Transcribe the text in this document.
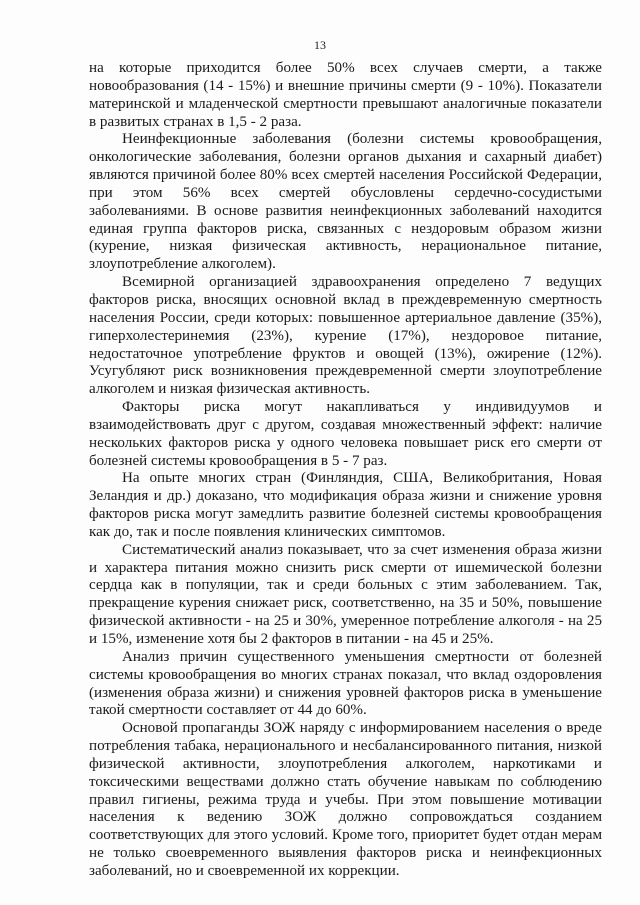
13

на которые приходится более 50% всех случаев смерти, а также новообразования (14 - 15%) и внешние причины смерти (9 - 10%). Показатели материнской и младенческой смертности превышают аналогичные показатели в развитых странах в 1,5 - 2 раза.

Неинфекционные заболевания (болезни системы кровообращения, онкологические заболевания, болезни органов дыхания и сахарный диабет) являются причиной более 80% всех смертей населения Российской Федерации, при этом 56% всех смертей обусловлены сердечно-сосудистыми заболеваниями. В основе развития неинфекционных заболеваний находится единая группа факторов риска, связанных с нездоровым образом жизни (курение, низкая физическая активность, нерациональное питание, злоупотребление алкоголем).

Всемирной организацией здравоохранения определено 7 ведущих факторов риска, вносящих основной вклад в преждевременную смертность населения России, среди которых: повышенное артериальное давление (35%), гиперхолестеринемия (23%), курение (17%), нездоровое питание, недостаточное употребление фруктов и овощей (13%), ожирение (12%). Усугубляют риск возникновения преждевременной смерти злоупотребление алкоголем и низкая физическая активность.

Факторы риска могут накапливаться у индивидуумов и взаимодействовать друг с другом, создавая множественный эффект: наличие нескольких факторов риска у одного человека повышает риск его смерти от болезней системы кровообращения в 5 - 7 раз.

На опыте многих стран (Финляндия, США, Великобритания, Новая Зеландия и др.) доказано, что модификация образа жизни и снижение уровня факторов риска могут замедлить развитие болезней системы кровообращения как до, так и после появления клинических симптомов.

Систематический анализ показывает, что за счет изменения образа жизни и характера питания можно снизить риск смерти от ишемической болезни сердца как в популяции, так и среди больных с этим заболеванием. Так, прекращение курения снижает риск, соответственно, на 35 и 50%, повышение физической активности - на 25 и 30%, умеренное потребление алкоголя - на 25 и 15%, изменение хотя бы 2 факторов в питании - на 45 и 25%.

Анализ причин существенного уменьшения смертности от болезней системы кровообращения во многих странах показал, что вклад оздоровления (изменения образа жизни) и снижения уровней факторов риска в уменьшение такой смертности составляет от 44 до 60%.

Основой пропаганды ЗОЖ наряду с информированием населения о вреде потребления табака, нерационального и несбалансированного питания, низкой физической активности, злоупотребления алкоголем, наркотиками и токсическими веществами должно стать обучение навыкам по соблюдению правил гигиены, режима труда и учебы. При этом повышение мотивации населения к ведению ЗОЖ должно сопровождаться созданием соответствующих для этого условий. Кроме того, приоритет будет отдан мерам не только своевременного выявления факторов риска и неинфекционных заболеваний, но и своевременной их коррекции.
